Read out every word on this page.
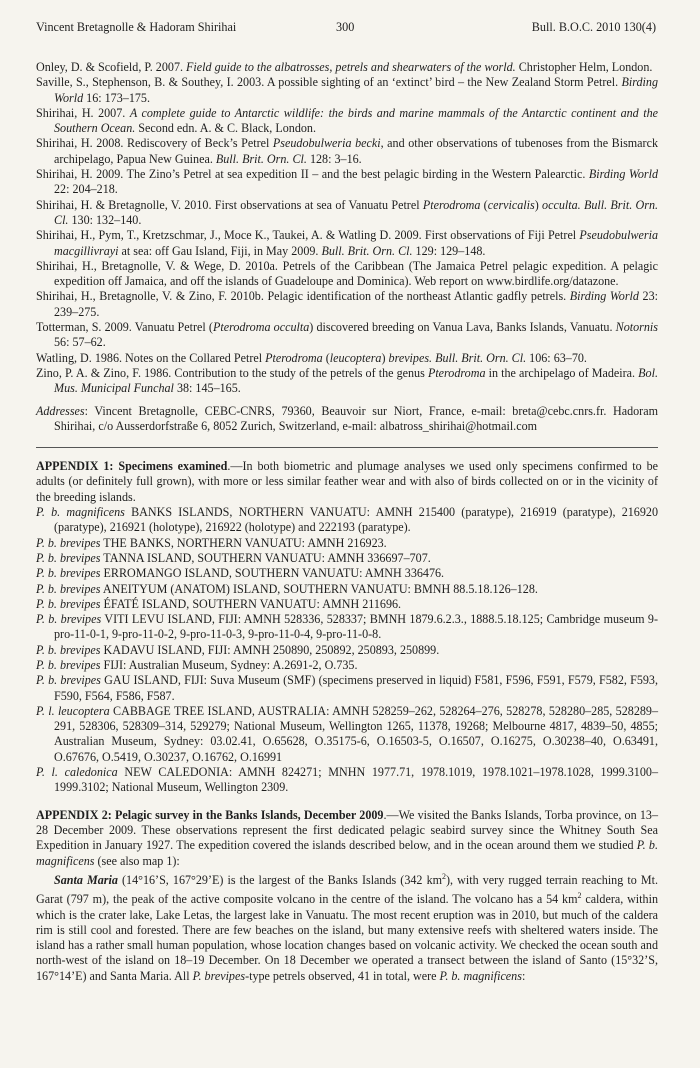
Vincent Bretagnolle & Hadoram Shirihai	300	Bull. B.O.C. 2010 130(4)

Onley, D. & Scofield, P. 2007. Field guide to the albatrosses, petrels and shearwaters of the world. Christopher Helm, London.

Saville, S., Stephenson, B. & Southey, I. 2003. A possible sighting of an ‘extinct’ bird – the New Zealand Storm Petrel. Birding World 16: 173–175.

Shirihai, H. 2007. A complete guide to Antarctic wildlife: the birds and marine mammals of the Antarctic continent and the Southern Ocean. Second edn. A. & C. Black, London.

Shirihai, H. 2008. Rediscovery of Beck’s Petrel Pseudobulweria becki, and other observations of tubenoses from the Bismarck archipelago, Papua New Guinea. Bull. Brit. Orn. Cl. 128: 3–16.

Shirihai, H. 2009. The Zino’s Petrel at sea expedition II – and the best pelagic birding in the Western Palearctic. Birding World 22: 204–218.

Shirihai, H. & Bretagnolle, V. 2010. First observations at sea of Vanuatu Petrel Pterodroma (cervicalis) occulta. Bull. Brit. Orn. Cl. 130: 132–140.

Shirihai, H., Pym, T., Kretzschmar, J., Moce K., Taukei, A. & Watling D. 2009. First observations of Fiji Petrel Pseudobulweria macgillivrayi at sea: off Gau Island, Fiji, in May 2009. Bull. Brit. Orn. Cl. 129: 129–148.

Shirihai, H., Bretagnolle, V. & Wege, D. 2010a. Petrels of the Caribbean (The Jamaica Petrel pelagic expedition. A pelagic expedition off Jamaica, and off the islands of Guadeloupe and Dominica). Web report on www.birdlife.org/datazone.

Shirihai, H., Bretagnolle, V. & Zino, F. 2010b. Pelagic identification of the northeast Atlantic gadfly petrels. Birding World 23: 239–275.

Totterman, S. 2009. Vanuatu Petrel (Pterodroma occulta) discovered breeding on Vanua Lava, Banks Islands, Vanuatu. Notornis 56: 57–62.

Watling, D. 1986. Notes on the Collared Petrel Pterodroma (leucoptera) brevipes. Bull. Brit. Orn. Cl. 106: 63–70.

Zino, P. A. & Zino, F. 1986. Contribution to the study of the petrels of the genus Pterodroma in the archipelago of Madeira. Bol. Mus. Municipal Funchal 38: 145–165.

Addresses: Vincent Bretagnolle, CEBC-CNRS, 79360, Beauvoir sur Niort, France, e-mail: breta@cebc.cnrs.fr. Hadoram Shirihai, c/o Ausserdorfstraße 6, 8052 Zurich, Switzerland, e-mail: albatross_shirihai@hotmail.com

APPENDIX 1: Specimens examined.—In both biometric and plumage analyses we used only specimens confirmed to be adults (or definitely full grown), with more or less similar feather wear and with also of birds collected on or in the vicinity of the breeding islands.

P. b. magnificens BANKS ISLANDS, NORTHERN VANUATU: AMNH 215400 (paratype), 216919 (paratype), 216920 (paratype), 216921 (holotype), 216922 (holotype) and 222193 (paratype).

P. b. brevipes THE BANKS, NORTHERN VANUATU: AMNH 216923.

P. b. brevipes TANNA ISLAND, SOUTHERN VANUATU: AMNH 336697–707.

P. b. brevipes ERROMANGO ISLAND, SOUTHERN VANUATU: AMNH 336476.

P. b. brevipes ANEITYUM (ANATOM) ISLAND, SOUTHERN VANUATU: BMNH 88.5.18.126–128.

P. b. brevipes ÉFATÉ ISLAND, SOUTHERN VANUATU: AMNH 211696.

P. b. brevipes VITI LEVU ISLAND, FIJI: AMNH 528336, 528337; BMNH 1879.6.2.3., 1888.5.18.125; Cambridge museum 9-pro-11-0-1, 9-pro-11-0-2, 9-pro-11-0-3, 9-pro-11-0-4, 9-pro-11-0-8.

P. b. brevipes KADAVU ISLAND, FIJI: AMNH 250890, 250892, 250893, 250899.

P. b. brevipes FIJI: Australian Museum, Sydney: A.2691-2, O.735.

P. b. brevipes GAU ISLAND, FIJI: Suva Museum (SMF) (specimens preserved in liquid) F581, F596, F591, F579, F582, F593, F590, F564, F586, F587.

P. l. leucoptera CABBAGE TREE ISLAND, AUSTRALIA: AMNH 528259–262, 528264–276, 528278, 528280–285, 528289–291, 528306, 528309–314, 529279; National Museum, Wellington 1265, 11378, 19268; Melbourne 4817, 4839–50, 4855; Australian Museum, Sydney: 03.02.41, O.65628, O.35175-6, O.16503-5, O.16507, O.16275, O.30238–40, O.63491, O.67676, O.5419, O.30237, O.16762, O.16991

P. l. caledonica NEW CALEDONIA: AMNH 824271; MNHN 1977.71, 1978.1019, 1978.1021–1978.1028, 1999.3100–1999.3102; National Museum, Wellington 2309.

APPENDIX 2: Pelagic survey in the Banks Islands, December 2009.—We visited the Banks Islands, Torba province, on 13–28 December 2009. These observations represent the first dedicated pelagic seabird survey since the Whitney South Sea Expedition in January 1927. The expedition covered the islands described below, and in the ocean around them we studied P. b. magnificens (see also map 1):

Santa Maria (14°16’S, 167°29’E) is the largest of the Banks Islands (342 $km^2$), with very rugged terrain reaching to Mt. Garat (797 m), the peak of the active composite volcano in the centre of the island. The volcano has a 54 $km^2$ caldera, within which is the crater lake, Lake Letas, the largest lake in Vanuatu. The most recent eruption was in 2010, but much of the caldera rim is still cool and forested. There are few beaches on the island, but many extensive reefs with sheltered waters inside. The island has a rather small human population, whose location changes based on volcanic activity. We checked the ocean south and north-west of the island on 18–19 December. On 18 December we operated a transect between the island of Santo (15°32’S, 167°14’E) and Santa Maria. All P. brevipes-type petrels observed, 41 in total, were P. b. magnificens:
